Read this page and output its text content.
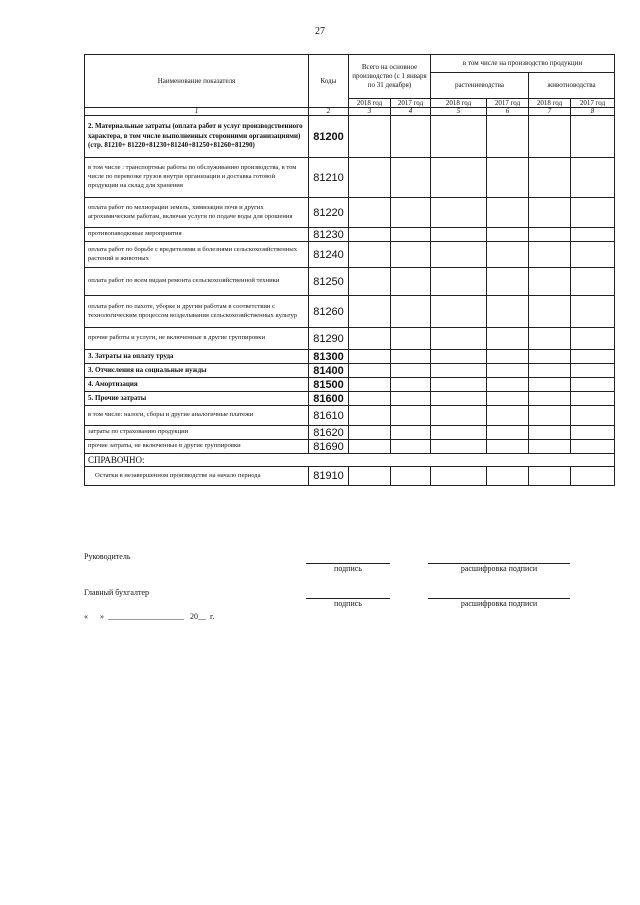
27
Наименование показателя	Коды	Всего на основное производство (с 1 января по 31 декабря)		в том числе на производство продукции			
				растениеводства		животноводства	
		2018 год	2017 год	2018 год	2017 год	2018 год	2017 год
1	2	3	4	5	6	7	8
2. Материальные затраты (оплата работ и услуг производственного характера, в том числе выполненных сторонними организациями) (стр. 81210+ 81220+81230+81240+81250+81260+81290)	81200						
в том числе : транспортные работы по обслуживанию производства, в том числе по перевозке грузов внутри организации и доставка готовой продукции на склад для хранения	81210						
оплата работ по мелиорации земель, химизации почв и других агрохимическим работам, включая услуги по подаче воды для орошения	81220						
противопаводковые мероприятия	81230						
оплата работ по борьбе с вредителями и болезнями сельскохозяйственных растений и животных	81240						
оплата работ по всем видам ремонта сельскохозяйственной техники	81250						
оплата работ по пахоте, уборке и другим работам в соответствии с технологическим процессом возделывания сельскохозяйственных культур	81260						
прочие работы и услуги, не включенные в другие группировки	81290						
3. Затраты на оплату труда	81300						
3. Отчисления на социальные нужды	81400						
4. Амортизация	81500						
5. Прочие затраты	81600						
в том числе: налоги, сборы и другие аналогичные платежи	81610						
затраты по страхованию продукции	81620						
прочие затраты, не включенные в другие группировки	81690						
СПРАВОЧНО:							
Остатки в незавершенном производстве на начало периода	81910						
Руководитель
подпись	расшифровка подписи
Главный бухгалтер
подпись	расшифровка подписи
«      »  ___________________   20__  г.
